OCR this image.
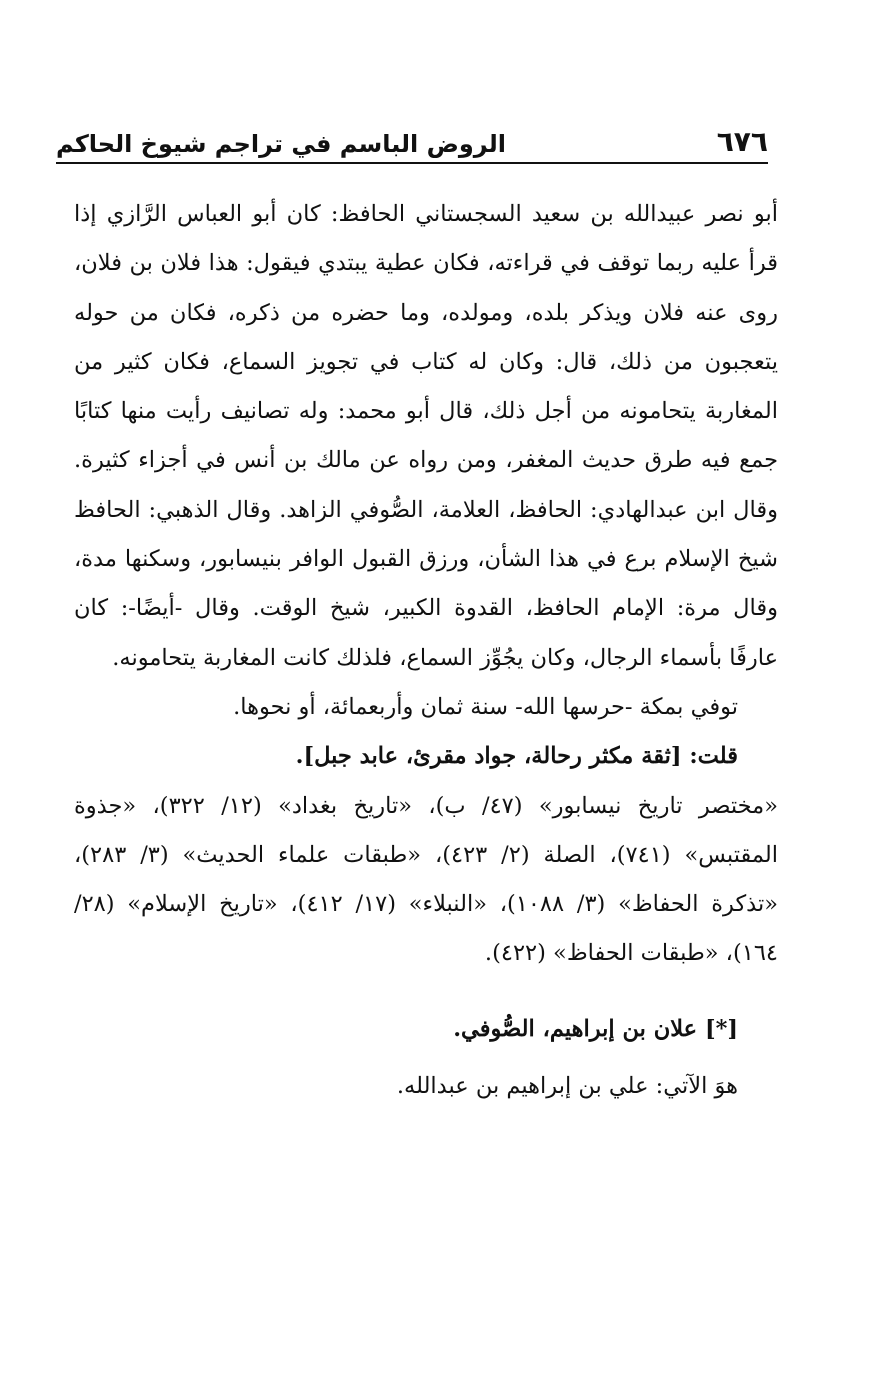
٦٧٦
الروض الباسم في تراجم شيوخ الحاكم

أبو نصر عبيدالله بن سعيد السجستاني الحافظ: كان أبو العباس الرَّازي إذا قرأ عليه ربما توقف في قراءته، فكان عطية يبتدي فيقول: هذا فلان بن فلان، روى عنه فلان ويذكر بلده، ومولده، وما حضره من ذكره، فكان من حوله يتعجبون من ذلك، قال: وكان له كتاب في تجويز السماع، فكان كثير من المغاربة يتحامونه من أجل ذلك، قال أبو محمد: وله تصانيف رأيت منها كتابًا جمع فيه طرق حديث المغفر، ومن رواه عن مالك بن أنس في أجزاء كثيرة. وقال ابن عبدالهادي: الحافظ، العلامة، الصُّوفي الزاهد. وقال الذهبي: الحافظ شيخ الإسلام برع في هذا الشأن، ورزق القبول الوافر بنيسابور، وسكنها مدة، وقال مرة: الإمام الحافظ، القدوة الكبير، شيخ الوقت. وقال -أيضًا-: كان عارفًا بأسماء الرجال، وكان يجُوِّز السماع، فلذلك كانت المغاربة يتحامونه.

توفي بمكة -حرسها الله- سنة ثمان وأربعمائة، أو نحوها.

قلت: [ثقة مكثر رحالة، جواد مقرئ، عابد جبل].

«مختصر تاريخ نيسابور» (٤٧/ ب)، «تاريخ بغداد» (١٢/ ٣٢٢)، «جذوة المقتبس» (٧٤١)، الصلة (٢/ ٤٢٣)، «طبقات علماء الحديث» (٣/ ٢٨٣)، «تذكرة الحفاظ» (٣/ ١٠٨٨)، «النبلاء» (١٧/ ٤١٢)، «تاريخ الإسلام» (٢٨/ ١٦٤)، «طبقات الحفاظ» (٤٢٢).

[*] علان بن إبراهيم، الصُّوفي.

هوَ الآتي: علي بن إبراهيم بن عبدالله.
